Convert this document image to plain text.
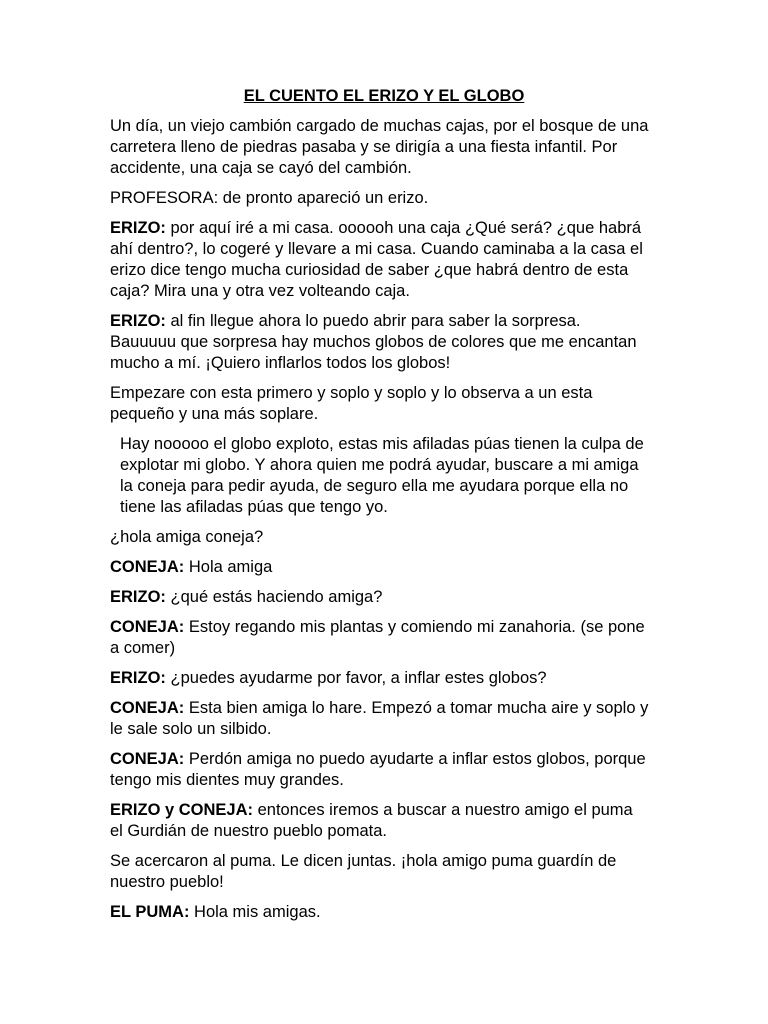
EL CUENTO EL ERIZO Y EL GLOBO

Un día, un viejo cambión cargado de muchas cajas, por el bosque de una carretera lleno de piedras pasaba y se dirigía a una fiesta infantil. Por accidente, una caja se cayó del cambión.

PROFESORA: de pronto apareció un erizo.

ERIZO: por aquí iré a mi casa. oooooh una caja ¿Qué será? ¿que habrá ahí dentro?, lo cogeré y llevare a mi casa. Cuando caminaba a la casa el erizo dice tengo mucha curiosidad de saber ¿que habrá dentro de esta caja? Mira una y otra vez volteando caja.

ERIZO: al fin llegue ahora lo puedo abrir para saber la sorpresa. Bauuuuu que sorpresa hay muchos globos de colores que me encantan mucho a mí. ¡Quiero inflarlos todos los globos!

Empezare con esta primero y soplo y soplo y lo observa a un esta pequeño y una más soplare.

Hay nooooo el globo exploto, estas mis afiladas púas tienen la culpa de explotar mi globo. Y ahora quien me podrá ayudar, buscare a mi amiga la coneja para pedir ayuda, de seguro ella me ayudara porque ella no tiene las afiladas púas que tengo yo.

¿hola amiga coneja?

CONEJA: Hola amiga

ERIZO: ¿qué estás haciendo amiga?

CONEJA: Estoy regando mis plantas y comiendo mi zanahoria. (se pone a comer)

ERIZO: ¿puedes ayudarme por favor, a inflar estes globos?

CONEJA: Esta bien amiga lo hare. Empezó a tomar mucha aire y soplo y le sale solo un silbido.

CONEJA: Perdón amiga no puedo ayudarte a inflar estos globos, porque tengo mis dientes muy grandes.

ERIZO y CONEJA: entonces iremos a buscar a nuestro amigo el puma el Gurdián de nuestro pueblo pomata.

Se acercaron al puma. Le dicen juntas. ¡hola amigo puma guardín de nuestro pueblo!

EL PUMA: Hola mis amigas.
